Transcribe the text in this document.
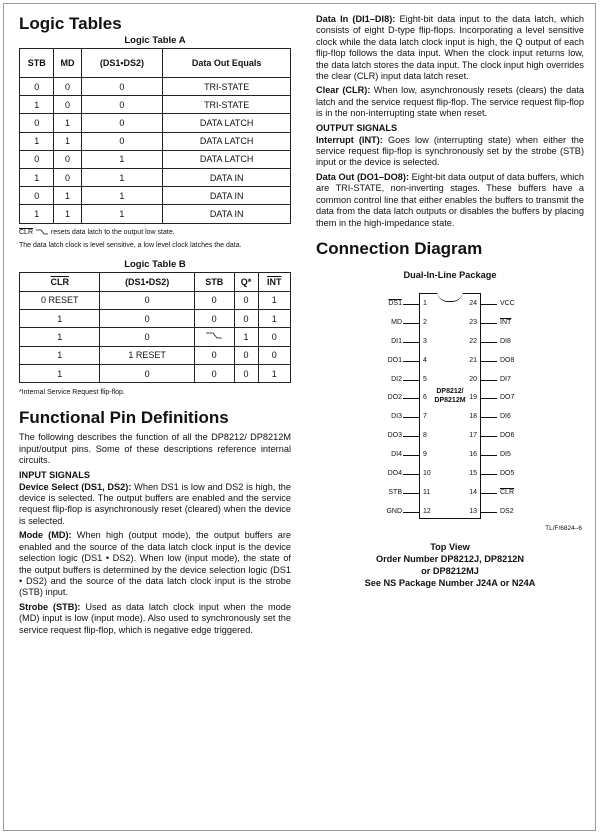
Logic Tables
Logic Table A
STB	MD	(DS1•DS2)	Data Out Equals
0	0	0	TRI-STATE
1	0	0	TRI-STATE
0	1	0	DATA LATCH
1	1	0	DATA LATCH
0	0	1	DATA LATCH
1	0	1	DATA IN
0	1	1	DATA IN
1	1	1	DATA IN
$\overline{CLR}$  resets data latch to the output low state.
The data latch clock is level sensitive, a low level clock latches the data.
Logic Table B
$\overline{CLR}$	(DS1•DS2)	STB	Q*	$\overline{INT}$
0 RESET	0	0	0	1
1	0	0	0	1
1	0		1	0
1	1 RESET	0	0	0
1	0	0	0	1
*Internal Service Request flip-flop.
Functional Pin Definitions

The following describes the function of all the DP8212/ DP8212M input/output pins. Some of these descriptions reference internal circuits.

INPUT SIGNALS

Device Select (DS1, DS2): When DS1 is low and DS2 is high, the device is selected. The output buffers are enabled and the service request flip-flop is asynchronously reset (cleared) when the device is selected.

Mode (MD): When high (output mode), the output buffers are enabled and the source of the data latch clock input is the device selection logic (DS1 • DS2). When low (input mode), the state of the output buffers is determined by the device selection logic (DS1 • DS2) and the source of the data latch clock input is the strobe (STB) input.

Strobe (STB): Used as data latch clock input when the mode (MD) input is low (input mode). Also used to synchronously set the service request flip-flop, which is negative edge triggered.

Data In (DI1–DI8): Eight-bit data input to the data latch, which consists of eight D-type flip-flops. Incorporating a level sensitive clock while the data latch clock input is high, the Q output of each flip-flop follows the data input. When the clock input returns low, the data latch stores the data input. The clock input high overrides the clear (CLR) input data latch reset.

Clear (CLR): When low, asynchronously resets (clears) the data latch and the service request flip-flop. The service request flip-flop is in the non-interrupting state when reset.

OUTPUT SIGNALS

Interrupt (INT): Goes low (interrupting state) when either the service request flip-flop is synchronously set by the strobe (STB) input or the device is selected.

Data Out (DO1–DO8): Eight-bit data output of data buffers, which are TRI-STATE, non-inverting stages. These buffers have a common control line that either enables the buffers to transmit the data from the data latch outputs or disables the buffers by placing them in the high-impedance state.

Connection Diagram
Dual-In-Line Package
DP8212/
DP8212M
DS1	1
MD	2
DI1	3
DO1	4
DI2	5
DO2	6
DI3	7
DO3	8
DI4	9
DO4	10
STB	11
GND	12
24	VCC
23	$\overline{INT}$
22	DI8
21	DO8
20	DI7
19	DO7
18	DI6
17	DO6
16	DI5
15	DO5
14	$\overline{CLR}$
13	DS2
TL/F/6824–6
Top View
Order Number DP8212J, DP8212N
or DP8212MJ
See NS Package Number J24A or N24A
